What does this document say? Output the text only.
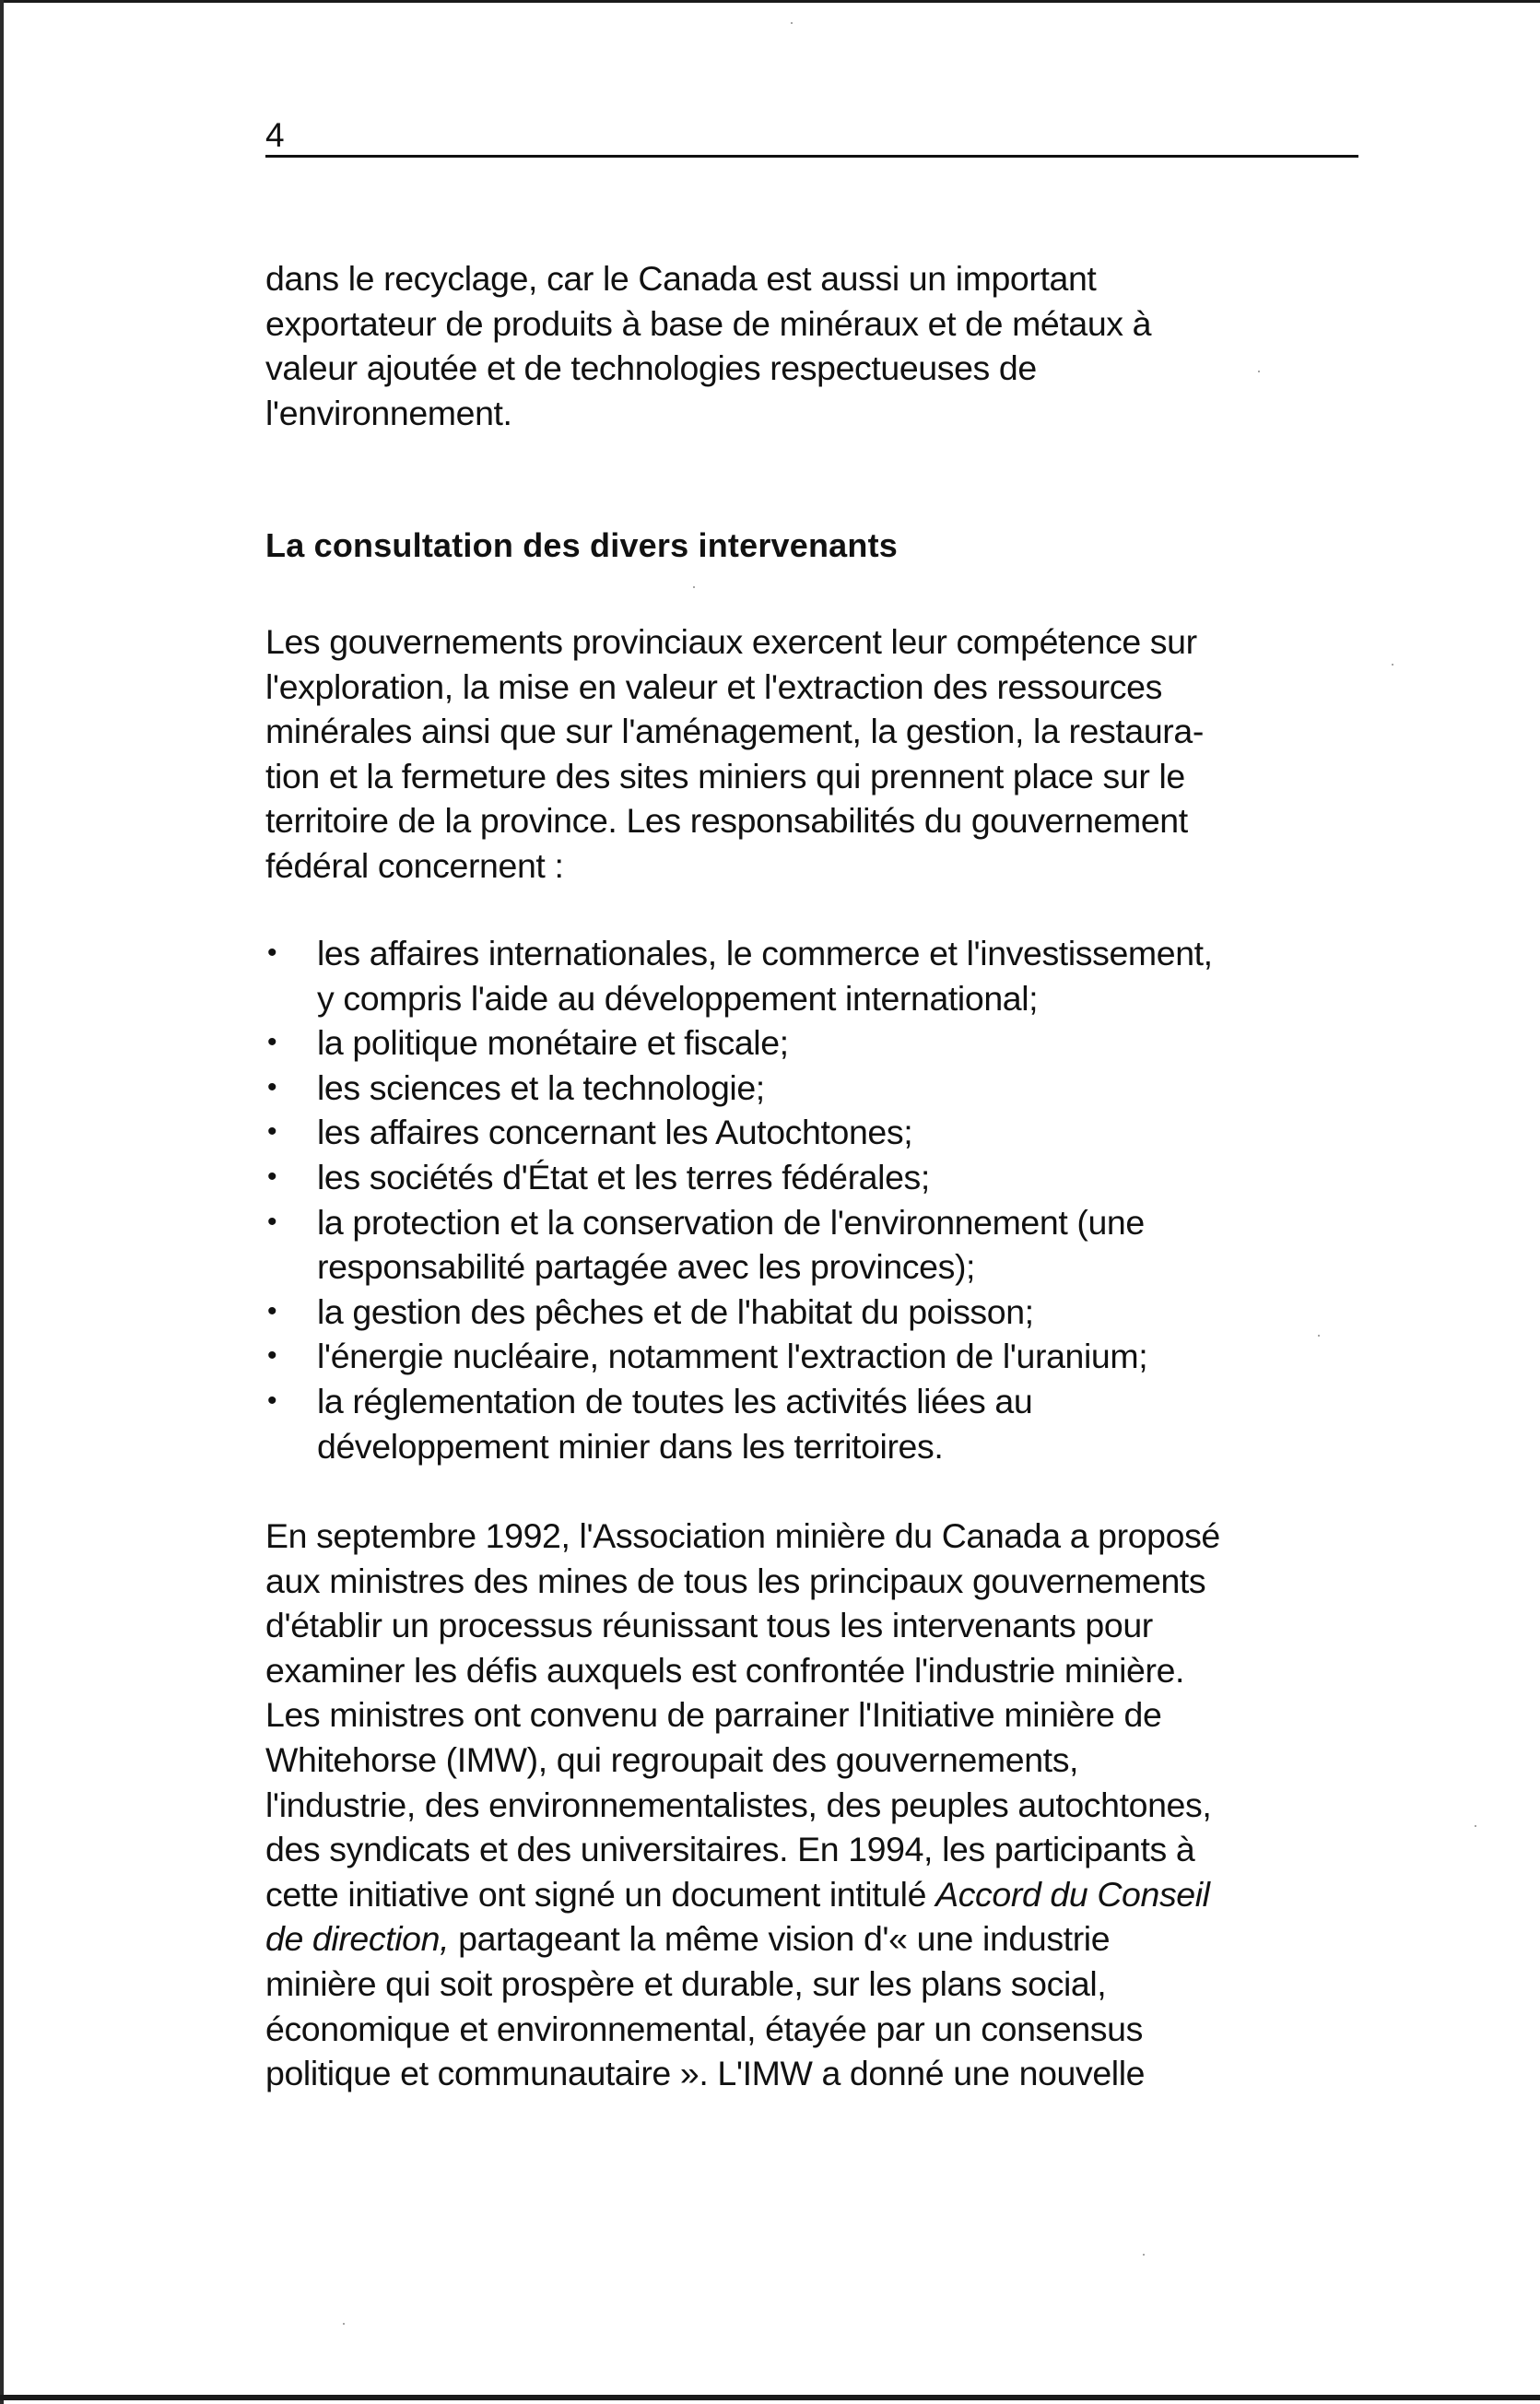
4
dans le recyclage, car le Canada est aussi un important
exportateur de produits à base de minéraux et de métaux à
valeur ajoutée et de technologies respectueuses de
l'environnement.
La consultation des divers intervenants
Les gouvernements provinciaux exercent leur compétence sur
l'exploration, la mise en valeur et l'extraction des ressources
minérales ainsi que sur l'aménagement, la gestion, la restaura-
tion et la fermeture des sites miniers qui prennent place sur le
territoire de la province. Les responsabilités du gouvernement
fédéral concernent :
• les affaires internationales, le commerce et l'investissement,
y compris l'aide au développement international;
• la politique monétaire et fiscale;
• les sciences et la technologie;
• les affaires concernant les Autochtones;
• les sociétés d'État et les terres fédérales;
• la protection et la conservation de l'environnement (une
responsabilité partagée avec les provinces);
• la gestion des pêches et de l'habitat du poisson;
• l'énergie nucléaire, notamment l'extraction de l'uranium;
• la réglementation de toutes les activités liées au
développement minier dans les territoires.
En septembre 1992, l'Association minière du Canada a proposé
aux ministres des mines de tous les principaux gouvernements
d'établir un processus réunissant tous les intervenants pour
examiner les défis auxquels est confrontée l'industrie minière.
Les ministres ont convenu de parrainer l'Initiative minière de
Whitehorse (IMW), qui regroupait des gouvernements,
l'industrie, des environnementalistes, des peuples autochtones,
des syndicats et des universitaires. En 1994, les participants à
cette initiative ont signé un document intitulé Accord du Conseil
de direction, partageant la même vision d'« une industrie
minière qui soit prospère et durable, sur les plans social,
économique et environnemental, étayée par un consensus
politique et communautaire ». L'IMW a donné une nouvelle
